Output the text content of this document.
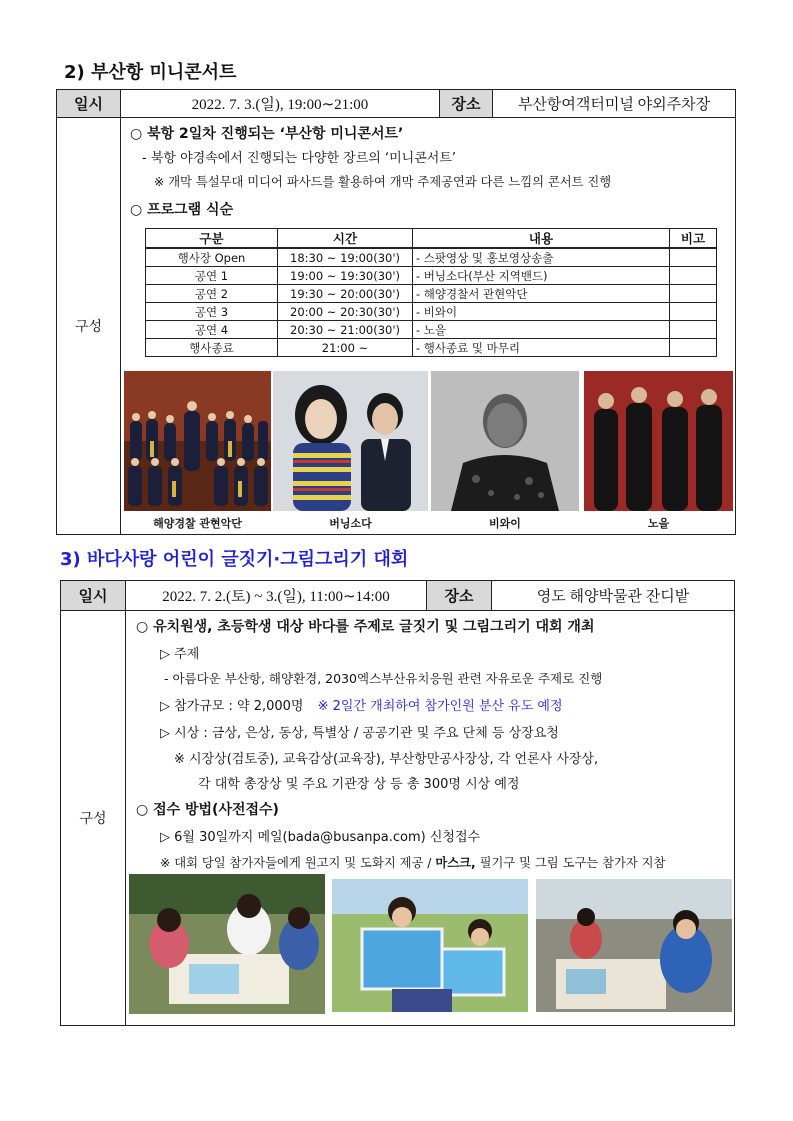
2) 부산항 미니콘서트
일시	2022. 7. 3.(일), 19:00∼21:00	장소	부산항여객터미널 야외주차장
구성	
○ 북항 2일차 진행되는 ‘부산항 미니콘서트’
- 북항 야경속에서 진행되는 다양한 장르의 ‘미니콘서트’
※ 개막 특설무대 미디어 파사드를 활용하여 개막 주제공연과 다른 느낌의 콘서트 진행
○ 프로그램 식순
구분	시간	내용	비고
행사장 Open	18:30 ~ 19:00(30')	- 스팟영상 및 홍보영상송출	
공연 1	19:00 ~ 19:30(30')	- 버닝소다(부산 지역밴드)	
공연 2	19:30 ~ 20:00(30')	- 해양경찰서 관현악단	
공연 3	20:00 ~ 20:30(30')	- 비와이	
공연 4	20:30 ~ 21:00(30')	- 노을	
행사종료	21:00 ~	- 행사종료 및 마무리	
해양경찰 관현악단	버닝소다	비와이	노을
3) 바다사랑 어린이 글짓기·그림그리기 대회
일시	2022. 7. 2.(토) ~ 3.(일), 11:00∼14:00	장소	영도 해양박물관 잔디밭
구성	
○ 유치원생, 초등학생 대상 바다를 주제로 글짓기 및 그림그리기 대회 개최
▷ 주제
- 아름다운 부산항, 해양환경, 2030엑스부산유치응원 관련 자유로운 주제로 진행
▷ 참가규모 : 약 2,000명 ※ 2일간 개최하여 참가인원 분산 유도 예정
▷ 시상 : 금상, 은상, 동상, 특별상 / 공공기관 및 주요 단체 등 상장요청
※ 시장상(검토중), 교육감상(교육장), 부산항만공사장상, 각 언론사 사장상,
각 대학 총장상 및 주요 기관장 상 등 총 300명 시상 예정
○ 접수 방법(사전접수)
▷ 6월 30일까지 메일(bada@busanpa.com) 신청접수
※ 대회 당일 참가자들에게 원고지 및 도화지 제공 / 마스크, 필기구 및 그림 도구는 참가자 지참
